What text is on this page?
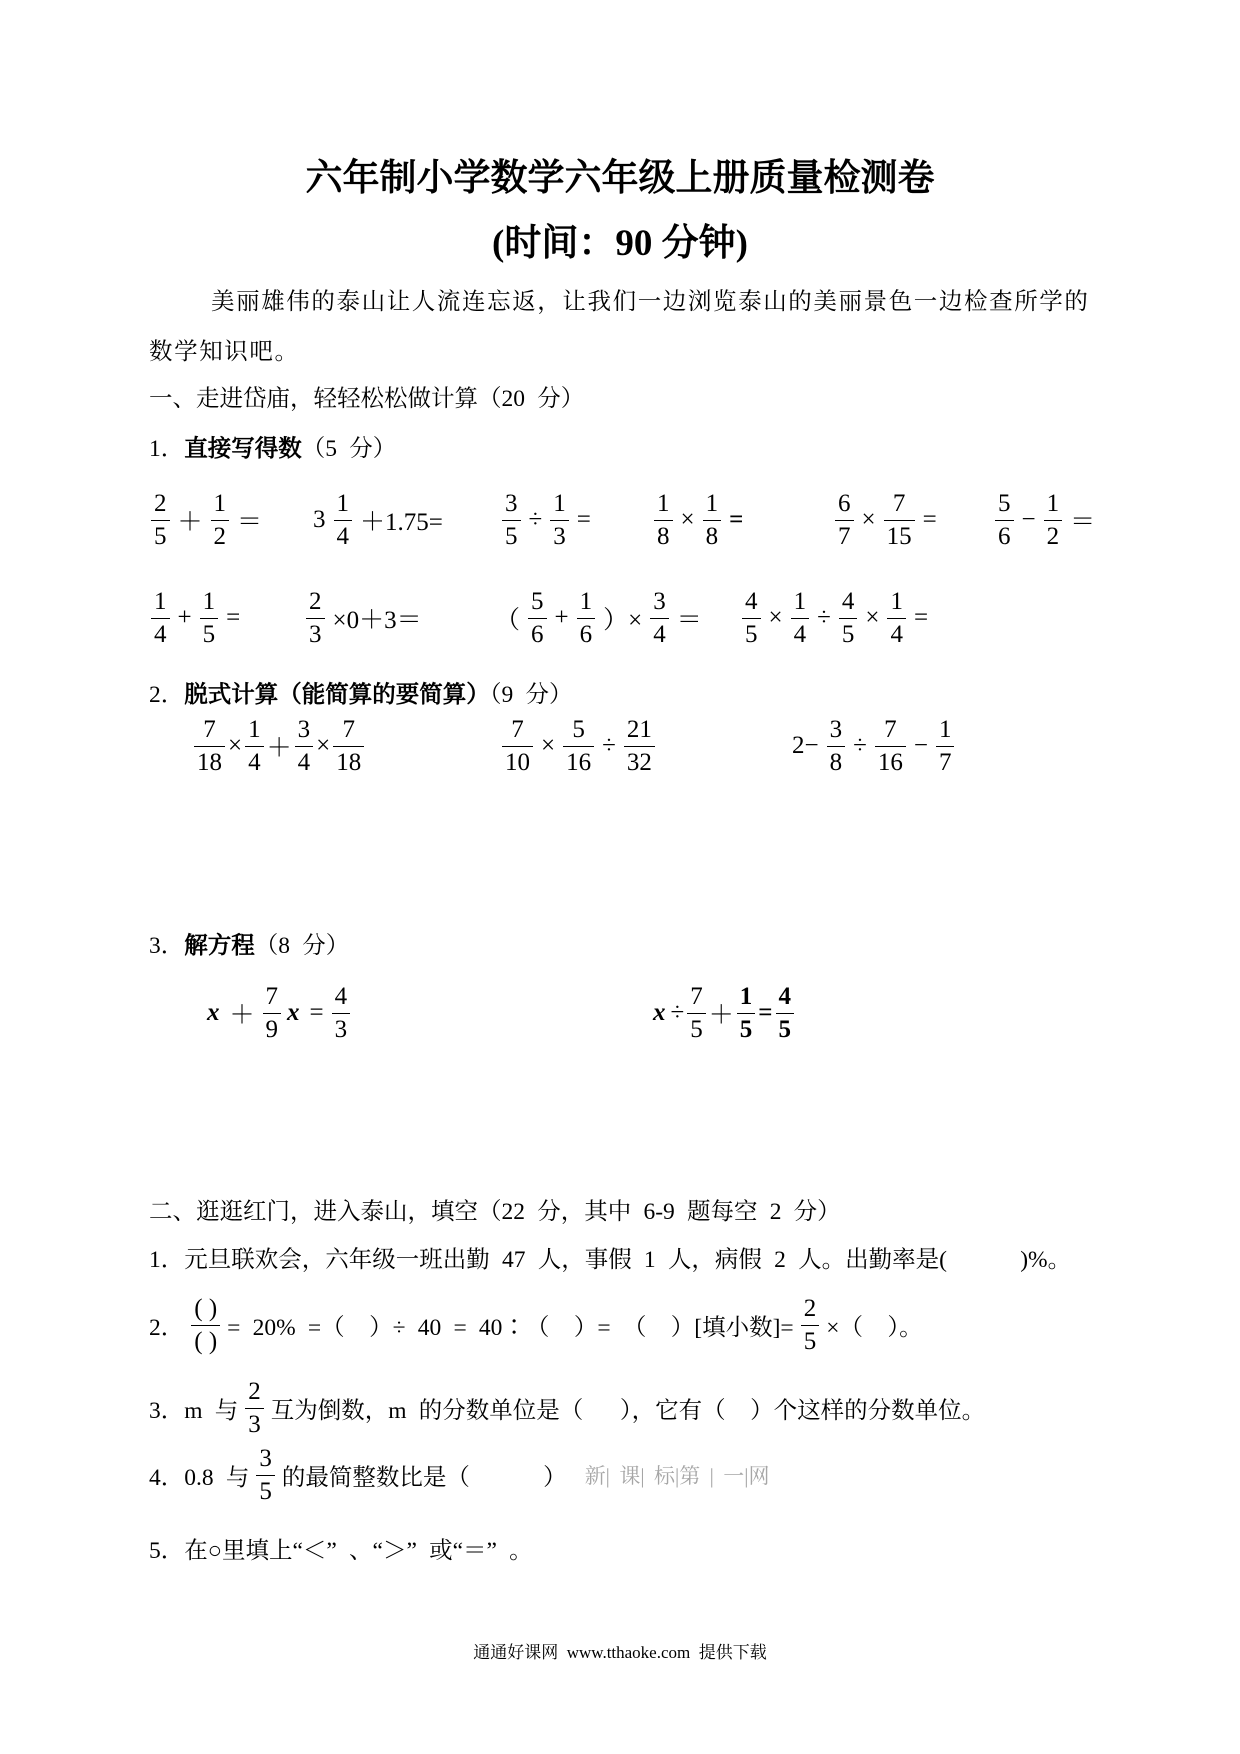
六年制小学数学六年级上册质量检测卷
(时间：90 分钟)
美丽雄伟的泰山让人流连忘返，让我们一边浏览泰山的美丽景色一边检查所学的
数学知识吧。
一、走进岱庙，轻轻松松做计算（20 分）
1．直接写得数（5 分）
$\frac{2}{5} + \frac{1}{2} = 3 \frac{1}{4} +1.75= \frac{3}{5} \div \frac{1}{3}$ =	$\frac{1}{8} \times \frac{1}{8}$ =	$\frac{6}{7} \times \frac{7}{15} = \frac{5}{6} - \frac{1}{2}$ ＝
$\frac{1}{4} + \frac{1}{5}$ =	$\frac{2}{3} \times 0+3=$	（ $\frac{5}{6} + \frac{1}{6}$ ）× $\frac{3}{4} = \frac{4}{5} \times \frac{1}{4} \div \frac{4}{5} \times \frac{1}{4}$ =
2．脱式计算（能简算的要简算）（9 分）
$\frac{7}{18} \times \frac{1}{4} + \frac{3}{4} \times \frac{7}{18}$	$\frac{7}{10} \times \frac{5}{16} \div \frac{21}{32}$	$2- \frac{3}{8} \div \frac{7}{16} - \frac{1}{7}$
3．解方程（8 分）
$x + \frac{7}{9}$ $x = \frac{4}{3}$	$x \div \frac{7}{5} + \frac{1}{5} = \frac{4}{5}$
二、逛逛红门，进入泰山，填空（22 分，其中 6-9 题每空 2 分）
1．元旦联欢会，六年级一班出勤 47 人，事假 1 人，病假 2 人。出勤率是(      )%。
2． $\frac{( )}{( )} = 20\%$ =（  ）÷ 40 = 40∶（  ）= （  ）[填小数]= $\frac{2}{5}$ ×（  ）。
3．m 与 $\frac{2}{3}$ 互为倒数，m 的分数单位是（   ），它有（  ）个这样的分数单位。
4．0.8 与 $\frac{3}{5}$ 的最简整数比是（      ） 新| 课| 标|第 | 一|网
5．在○里填上“＜” 、“＞” 或“＝” 。
通通好课网  www.tthaoke.com  提供下载
